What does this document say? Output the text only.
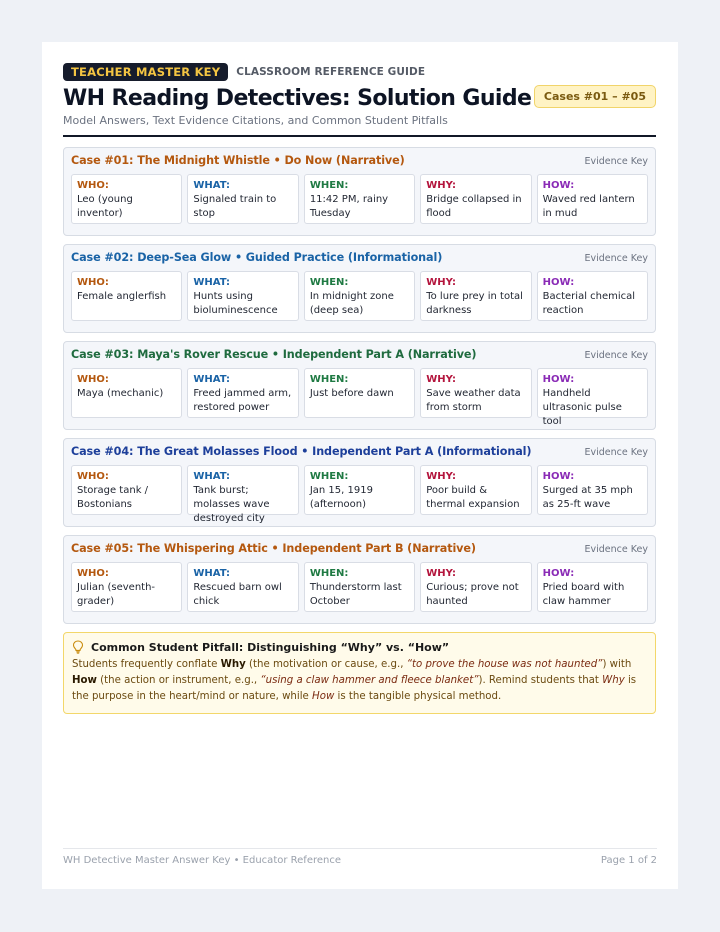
TEACHER MASTER KEY	CLASSROOM REFERENCE GUIDE
WH Reading Detectives: Solution Guide	Cases #01 – #05
Model Answers, Text Evidence Citations, and Common Student Pitfalls
Case #01: The Midnight Whistle • Do Now (Narrative)	Evidence Key
WHO:
Leo (young inventor)
WHAT:
Signaled train to stop
WHEN:
11:42 PM, rainy Tuesday
WHY:
Bridge collapsed in flood
HOW:
Waved red lantern in mud
Case #02: Deep-Sea Glow • Guided Practice (Informational)	Evidence Key
WHO:
Female anglerfish
WHAT:
Hunts using bioluminescence
WHEN:
In midnight zone (deep sea)
WHY:
To lure prey in total darkness
HOW:
Bacterial chemical reaction
Case #03: Maya's Rover Rescue • Independent Part A (Narrative)	Evidence Key
WHO:
Maya (mechanic)
WHAT:
Freed jammed arm, restored power
WHEN:
Just before dawn
WHY:
Save weather data from storm
HOW:
Handheld ultrasonic pulse tool
Case #04: The Great Molasses Flood • Independent Part A (Informational)	Evidence Key
WHO:
Storage tank / Bostonians
WHAT:
Tank burst; molasses wave destroyed city
WHEN:
Jan 15, 1919 (afternoon)
WHY:
Poor build & thermal expansion
HOW:
Surged at 35 mph as 25-ft wave
Case #05: The Whispering Attic • Independent Part B (Narrative)	Evidence Key
WHO:
Julian (seventh-grader)
WHAT:
Rescued barn owl chick
WHEN:
Thunderstorm last October
WHY:
Curious; prove not haunted
HOW:
Pried board with claw hammer
Common Student Pitfall: Distinguishing “Why” vs. “How”
Students frequently conflate Why (the motivation or cause, e.g., “to prove the house was not haunted”) with How (the action or instrument, e.g., “using a claw hammer and fleece blanket”). Remind students that Why is the purpose in the heart/mind or nature, while How is the tangible physical method.
WH Detective Master Answer Key • Educator Reference	Page 1 of 2
